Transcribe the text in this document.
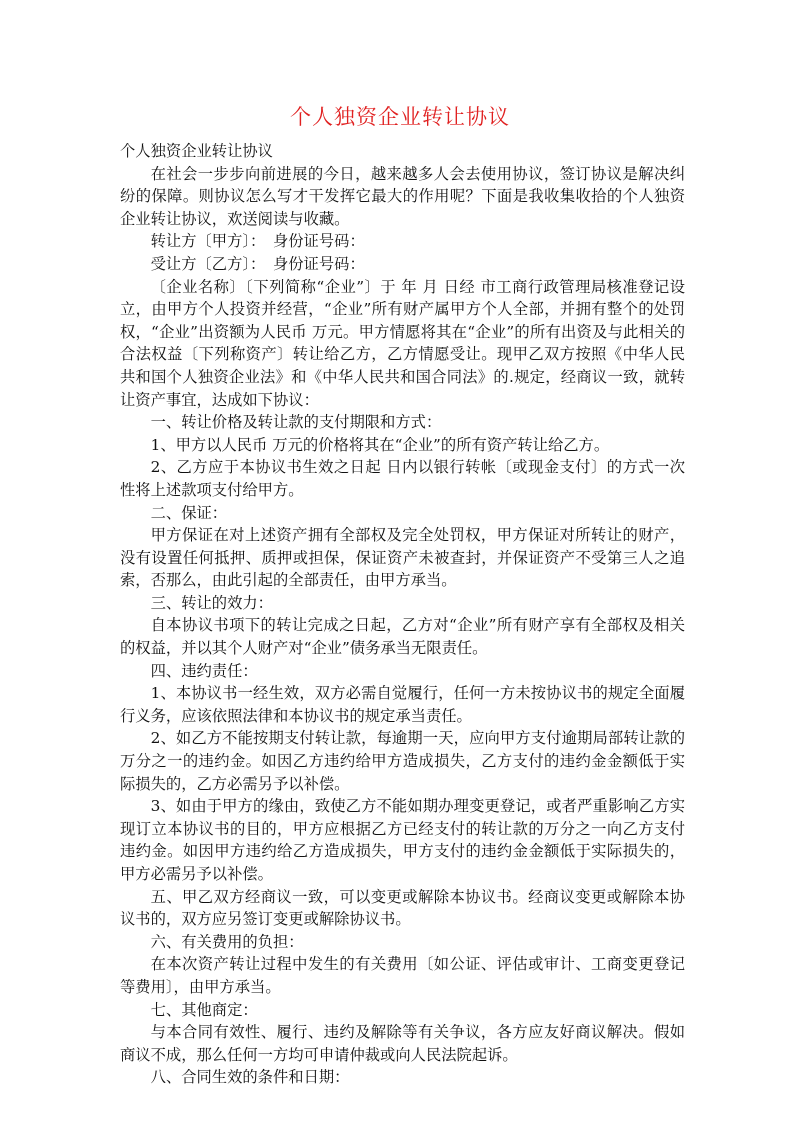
个人独资企业转让协议

个人独资企业转让协议

在社会一步步向前进展的今日，越来越多人会去使用协议，签订协议是解决纠纷的保障。则协议怎么写才干发挥它最大的作用呢？下面是我收集收拾的个人独资企业转让协议，欢送阅读与收藏。

转让方〔甲方〕：　身份证号码：

受让方〔乙方〕：　身份证号码：

〔企业名称〕〔下列简称“企业”〕于 年 月 日经 市工商行政管理局核准登记设立，由甲方个人投资并经营，“企业”所有财产属甲方个人全部，并拥有整个的处罚权，“企业”出资额为人民币 万元。甲方情愿将其在“企业”的所有出资及与此相关的合法权益〔下列称资产〕转让给乙方，乙方情愿受让。现甲乙双方按照《中华人民共和国个人独资企业法》和《中华人民共和国合同法》的.规定，经商议一致，就转让资产事宜，达成如下协议：

一、转让价格及转让款的支付期限和方式：

1、甲方以人民币 万元的价格将其在“企业”的所有资产转让给乙方。

2、乙方应于本协议书生效之日起 日内以银行转帐〔或现金支付〕的方式一次性将上述款项支付给甲方。

二、保证：

甲方保证在对上述资产拥有全部权及完全处罚权，甲方保证对所转让的财产，没有设置任何抵押、质押或担保，保证资产未被查封，并保证资产不受第三人之追索，否那么，由此引起的全部责任，由甲方承当。

三、转让的效力：

自本协议书项下的转让完成之日起，乙方对“企业”所有财产享有全部权及相关的权益，并以其个人财产对“企业”债务承当无限责任。

四、违约责任：

1、本协议书一经生效，双方必需自觉履行，任何一方未按协议书的规定全面履行义务，应该依照法律和本协议书的规定承当责任。

2、如乙方不能按期支付转让款，每逾期一天，应向甲方支付逾期局部转让款的万分之一的违约金。如因乙方违约给甲方造成损失，乙方支付的违约金金额低于实际损失的，乙方必需另予以补偿。

3、如由于甲方的缘由，致使乙方不能如期办理变更登记，或者严重影响乙方实现订立本协议书的目的，甲方应根据乙方已经支付的转让款的万分之一向乙方支付违约金。如因甲方违约给乙方造成损失，甲方支付的违约金金额低于实际损失的，甲方必需另予以补偿。

五、甲乙双方经商议一致，可以变更或解除本协议书。经商议变更或解除本协议书的，双方应另签订变更或解除协议书。

六、有关费用的负担：

在本次资产转让过程中发生的有关费用〔如公证、评估或审计、工商变更登记等费用〕，由甲方承当。

七、其他商定：

与本合同有效性、履行、违约及解除等有关争议，各方应友好商议解决。假如商议不成，那么任何一方均可申请仲裁或向人民法院起诉。

八、合同生效的条件和日期：
